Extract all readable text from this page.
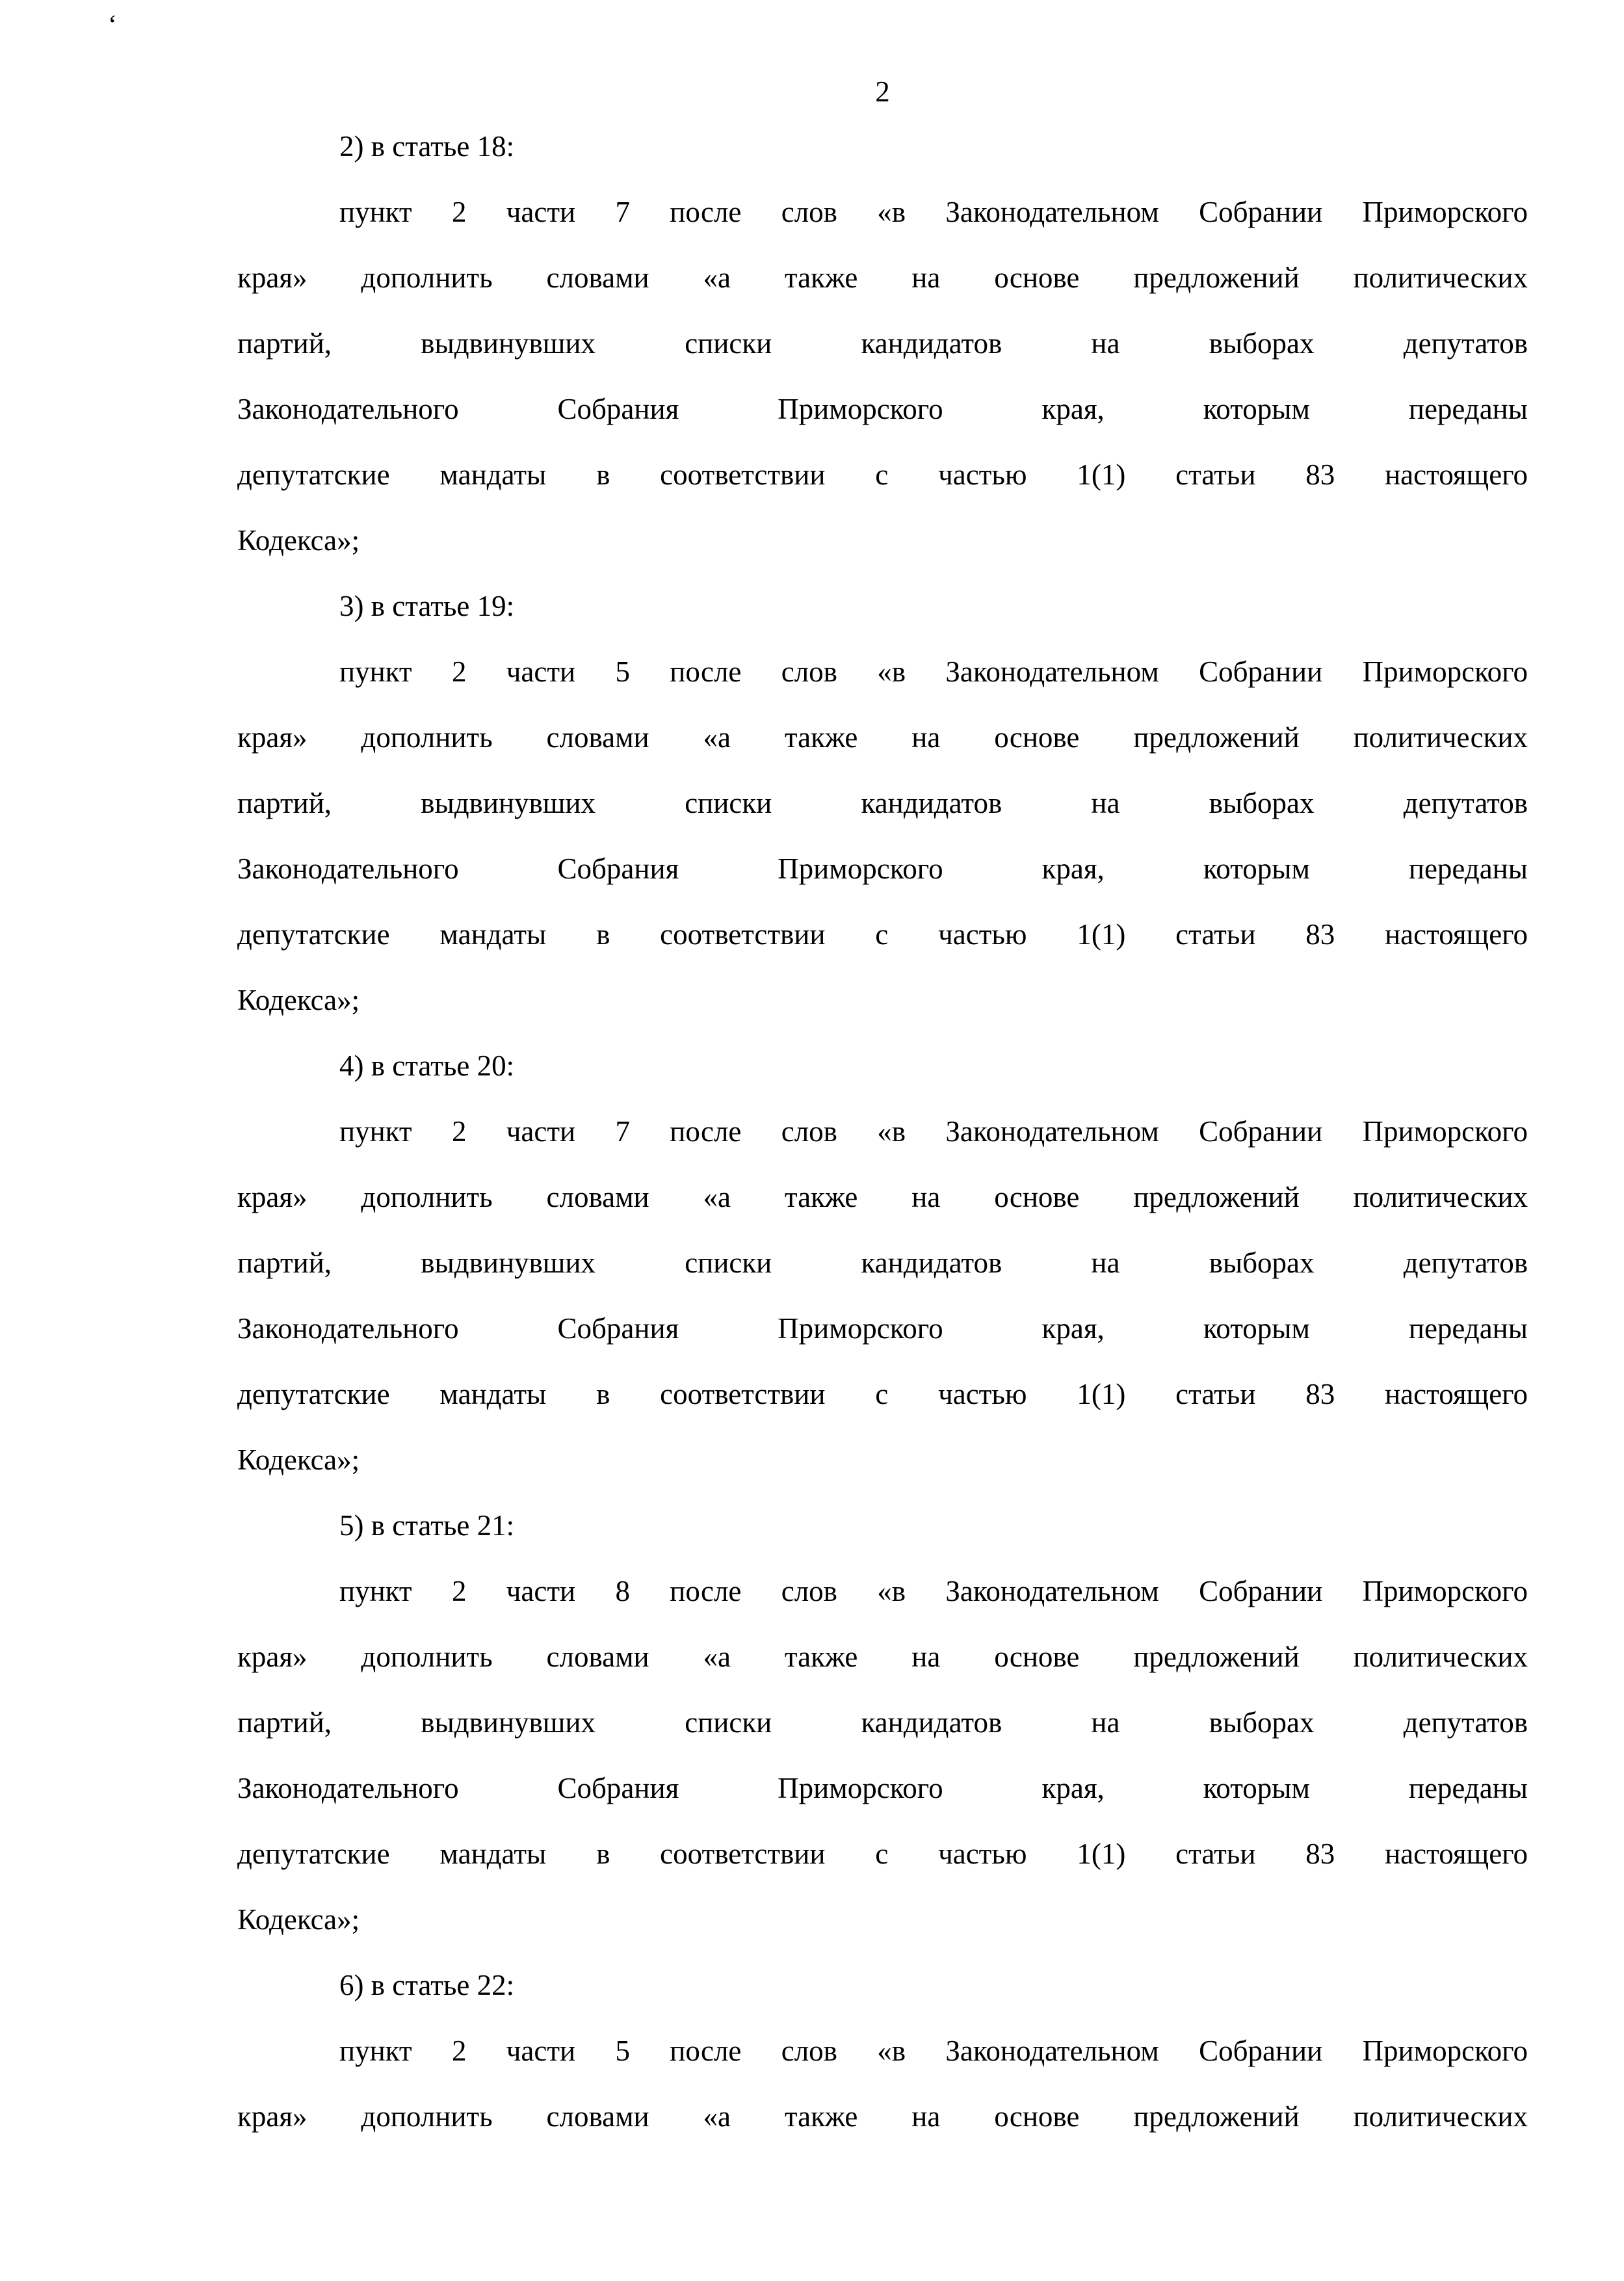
‘
2
2) в статье 18:
пункт 2 части 7 после слов «в Законодательном Собрании Приморского
края» дополнить словами «а также на основе предложений политических
партий, выдвинувших списки кандидатов на выборах депутатов
Законодательного Собрания Приморского края, которым переданы
депутатские мандаты в соответствии с частью 1(1) статьи 83 настоящего
Кодекса»;
3) в статье 19:
пункт 2 части 5 после слов «в Законодательном Собрании Приморского
края» дополнить словами «а также на основе предложений политических
партий, выдвинувших списки кандидатов на выборах депутатов
Законодательного Собрания Приморского края, которым переданы
депутатские мандаты в соответствии с частью 1(1) статьи 83 настоящего
Кодекса»;
4) в статье 20:
пункт 2 части 7 после слов «в Законодательном Собрании Приморского
края» дополнить словами «а также на основе предложений политических
партий, выдвинувших списки кандидатов на выборах депутатов
Законодательного Собрания Приморского края, которым переданы
депутатские мандаты в соответствии с частью 1(1) статьи 83 настоящего
Кодекса»;
5) в статье 21:
пункт 2 части 8 после слов «в Законодательном Собрании Приморского
края» дополнить словами «а также на основе предложений политических
партий, выдвинувших списки кандидатов на выборах депутатов
Законодательного Собрания Приморского края, которым переданы
депутатские мандаты в соответствии с частью 1(1) статьи 83 настоящего
Кодекса»;
6) в статье 22:
пункт 2 части 5 после слов «в Законодательном Собрании Приморского
края» дополнить словами «а также на основе предложений политических
